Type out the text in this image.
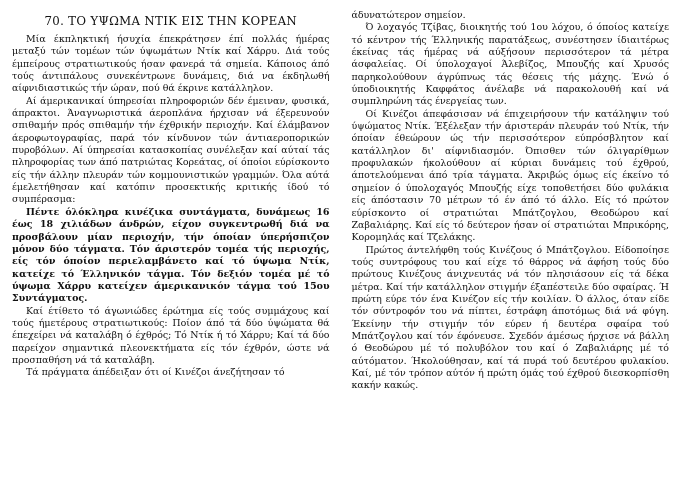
70. ΤΟ ΥΨΩΜΑ ΝΤΙΚ ΕΙΣ ΤΗΝ ΚΟΡΕΑΝ

Μία έκπληκτική ήσυχία έπεκράτησεν έπί πολλάς ήμέρας μεταξύ τών τομέων τών ύψωμάτων Ντίκ καί Χάρρυ. Διά τούς έμπείρους στρατιωτικούς ήσαν φανερά τά σημεία. Κάποιος άπό τούς άντιπάλους συνεκέντρωνε δυνάμεις, διά να έκδηλωθή αίφνιδιαστικώς τήν ώραν, πού θά έκρινε κατάλληλον.

Αί άμερικανικαί ύπηρεσίαι πληροφοριών δέν έμειναν, φυσικά, άπρακτοι. Άναγνωριστικά άεροπλάνα ήρχισαν νά έξερευνούν σπιθαμήν πρός σπιθαμήν τήν έχθρικήν περιοχήν. Καί έλάμβανον άεροφωτογραφίας, παρά τόν κίνδυνον τών άντιαεροπορικών πυροβόλων. Αί ύπηρεσίαι κατασκοπίας συνέλεξαν καί αύταί τάς πληροφορίας των άπό πατριώτας Κορεάτας, οί όποίοι εύρίσκοντο είς τήν άλλην πλευράν τών κομμουνιστικών γραμμών. Όλα αύτά έμελετήθησαν καί κατόπιν προσεκτικής κριτικής ίδού τό συμπέρασμα:

Πέντε όλόκληρα κινέζικα συντάγματα, δυνάμεως 16 έως 18 χιλιάδων άνδρών, είχον συγκεντρωθή διά να προσβάλουν μίαν περιοχήν, τήν όποίαν ύπερήσπιζον μόνον δύο τάγματα. Τόν άριστερόν τομέα τής περιοχής, είς τόν όποίον περιελαμβάνετο καί τό ύψωμα Ντίκ, κατείχε τό Έλληνικόν τάγμα. Τόν δεξιόν τομέα μέ τό ύψωμα Χάρρυ κατείχεν άμερικανικόν τάγμα τού 15ου Συντάγματος.

Καί έτίθετο τό άγωνιώδες έρώτημα είς τούς συμμάχους καί τούς ήμετέρους στρατιωτικούς: Ποίον άπό τά δύο ύψώματα θά έπεχείρει νά καταλάβη ό έχθρός; Τό Ντίκ ή τό Χάρρυ; Καί τά δύο παρείχον σημαντικά πλεονεκτήματα είς τόν έχθρόν, ώστε νά προσπαθήση νά τά καταλάβη.

Τά πράγματα άπέδειξαν ότι οί Κινέζοι άνεζήτησαν τό

άδυνατώτερον σημείον.

Ό λοχαγός Τζίβας, διοικητής τού 1ου λόχου, ό όποίος κατείχε τό κέντρον τής Έλληνικής παρατάξεως, συνέστησεν ίδιαιτέρως έκείνας τάς ήμέρας νά αύξήσουν περισσότερον τά μέτρα άσφαλείας. Οί ύπολοχαγοί Άλεβίζος, Μπουζής καί Χρυσός παρηκολούθουν άγρύπνως τάς θέσεις τής μάχης. Ένώ ό ύποδιοικητής Καφφάτος άνέλαβε νά παρακολουθή καί νά συμπληρώνη τάς ένεργείας των.

Οί Κινέζοι άπεφάσισαν νά έπιχειρήσουν τήν κατάληψιν τού ύψώματος Ντίκ. Έξέλεξαν τήν άριστεράν πλευράν τού Ντίκ, τήν όποίαν έθεώρουν ώς τήν περισσότερον εύπρόσβλητον καί κατάλληλον δι' αίφνιδιασμόν. Όπισθεν τών όλιγαρίθμων προφυλακών ήκολούθουν αί κύριαι δυνάμεις τού έχθρού, άποτελούμεναι άπό τρία τάγματα. Άκριβώς όμως είς έκείνο τό σημείον ό ύπολοχαγός Μπουζής είχε τοποθετήσει δύο φυλάκια είς άπόστασιν 70 μέτρων τό έν άπό τό άλλο. Είς τό πρώτον εύρίσκοντο οί στρατιώται Μπάτζογλου, Θεοδώρου καί Ζαβαλιάρης. Καί είς τό δεύτερον ήσαν οί στρατιώται Μπρικόρης, Κορομηλάς καί Τζελάκης.

Πρώτος άντελήφθη τούς Κινέζους ό Μπάτζογλου. Είδοποίησε τούς συντρόφους του καί είχε τό θάρρος νά άφήση τούς δύο πρώτους Κινέζους άνιχνευτάς νά τόν πλησιάσουν είς τά δέκα μέτρα. Καί τήν κατάλληλον στιγμήν έξαπέστειλε δύο σφαίρας. Ή πρώτη εύρε τόν ένα Κινέζον είς τήν κοιλίαν. Ό άλλος, όταν είδε τόν σύντροφόν του νά πίπτει, έστράφη άποτόμως διά νά φύγη. Έκείνην τήν στιγμήν τόν εύρεν ή δευτέρα σφαίρα τού Μπάτζογλου καί τόν έφόνευσε. Σχεδόν άμέσως ήρχισε νά βάλλη ό Θεοδώρου μέ τό πολυβόλον του καί ό Ζαβαλιάρης μέ τό αύτόματον. Ήκολούθησαν, καί τά πυρά τού δευτέρου φυλακίου. Καί, μέ τόν τρόπον αύτόν ή πρώτη όμάς τού έχθρού διεσκορπίσθη κακήν κακώς.
